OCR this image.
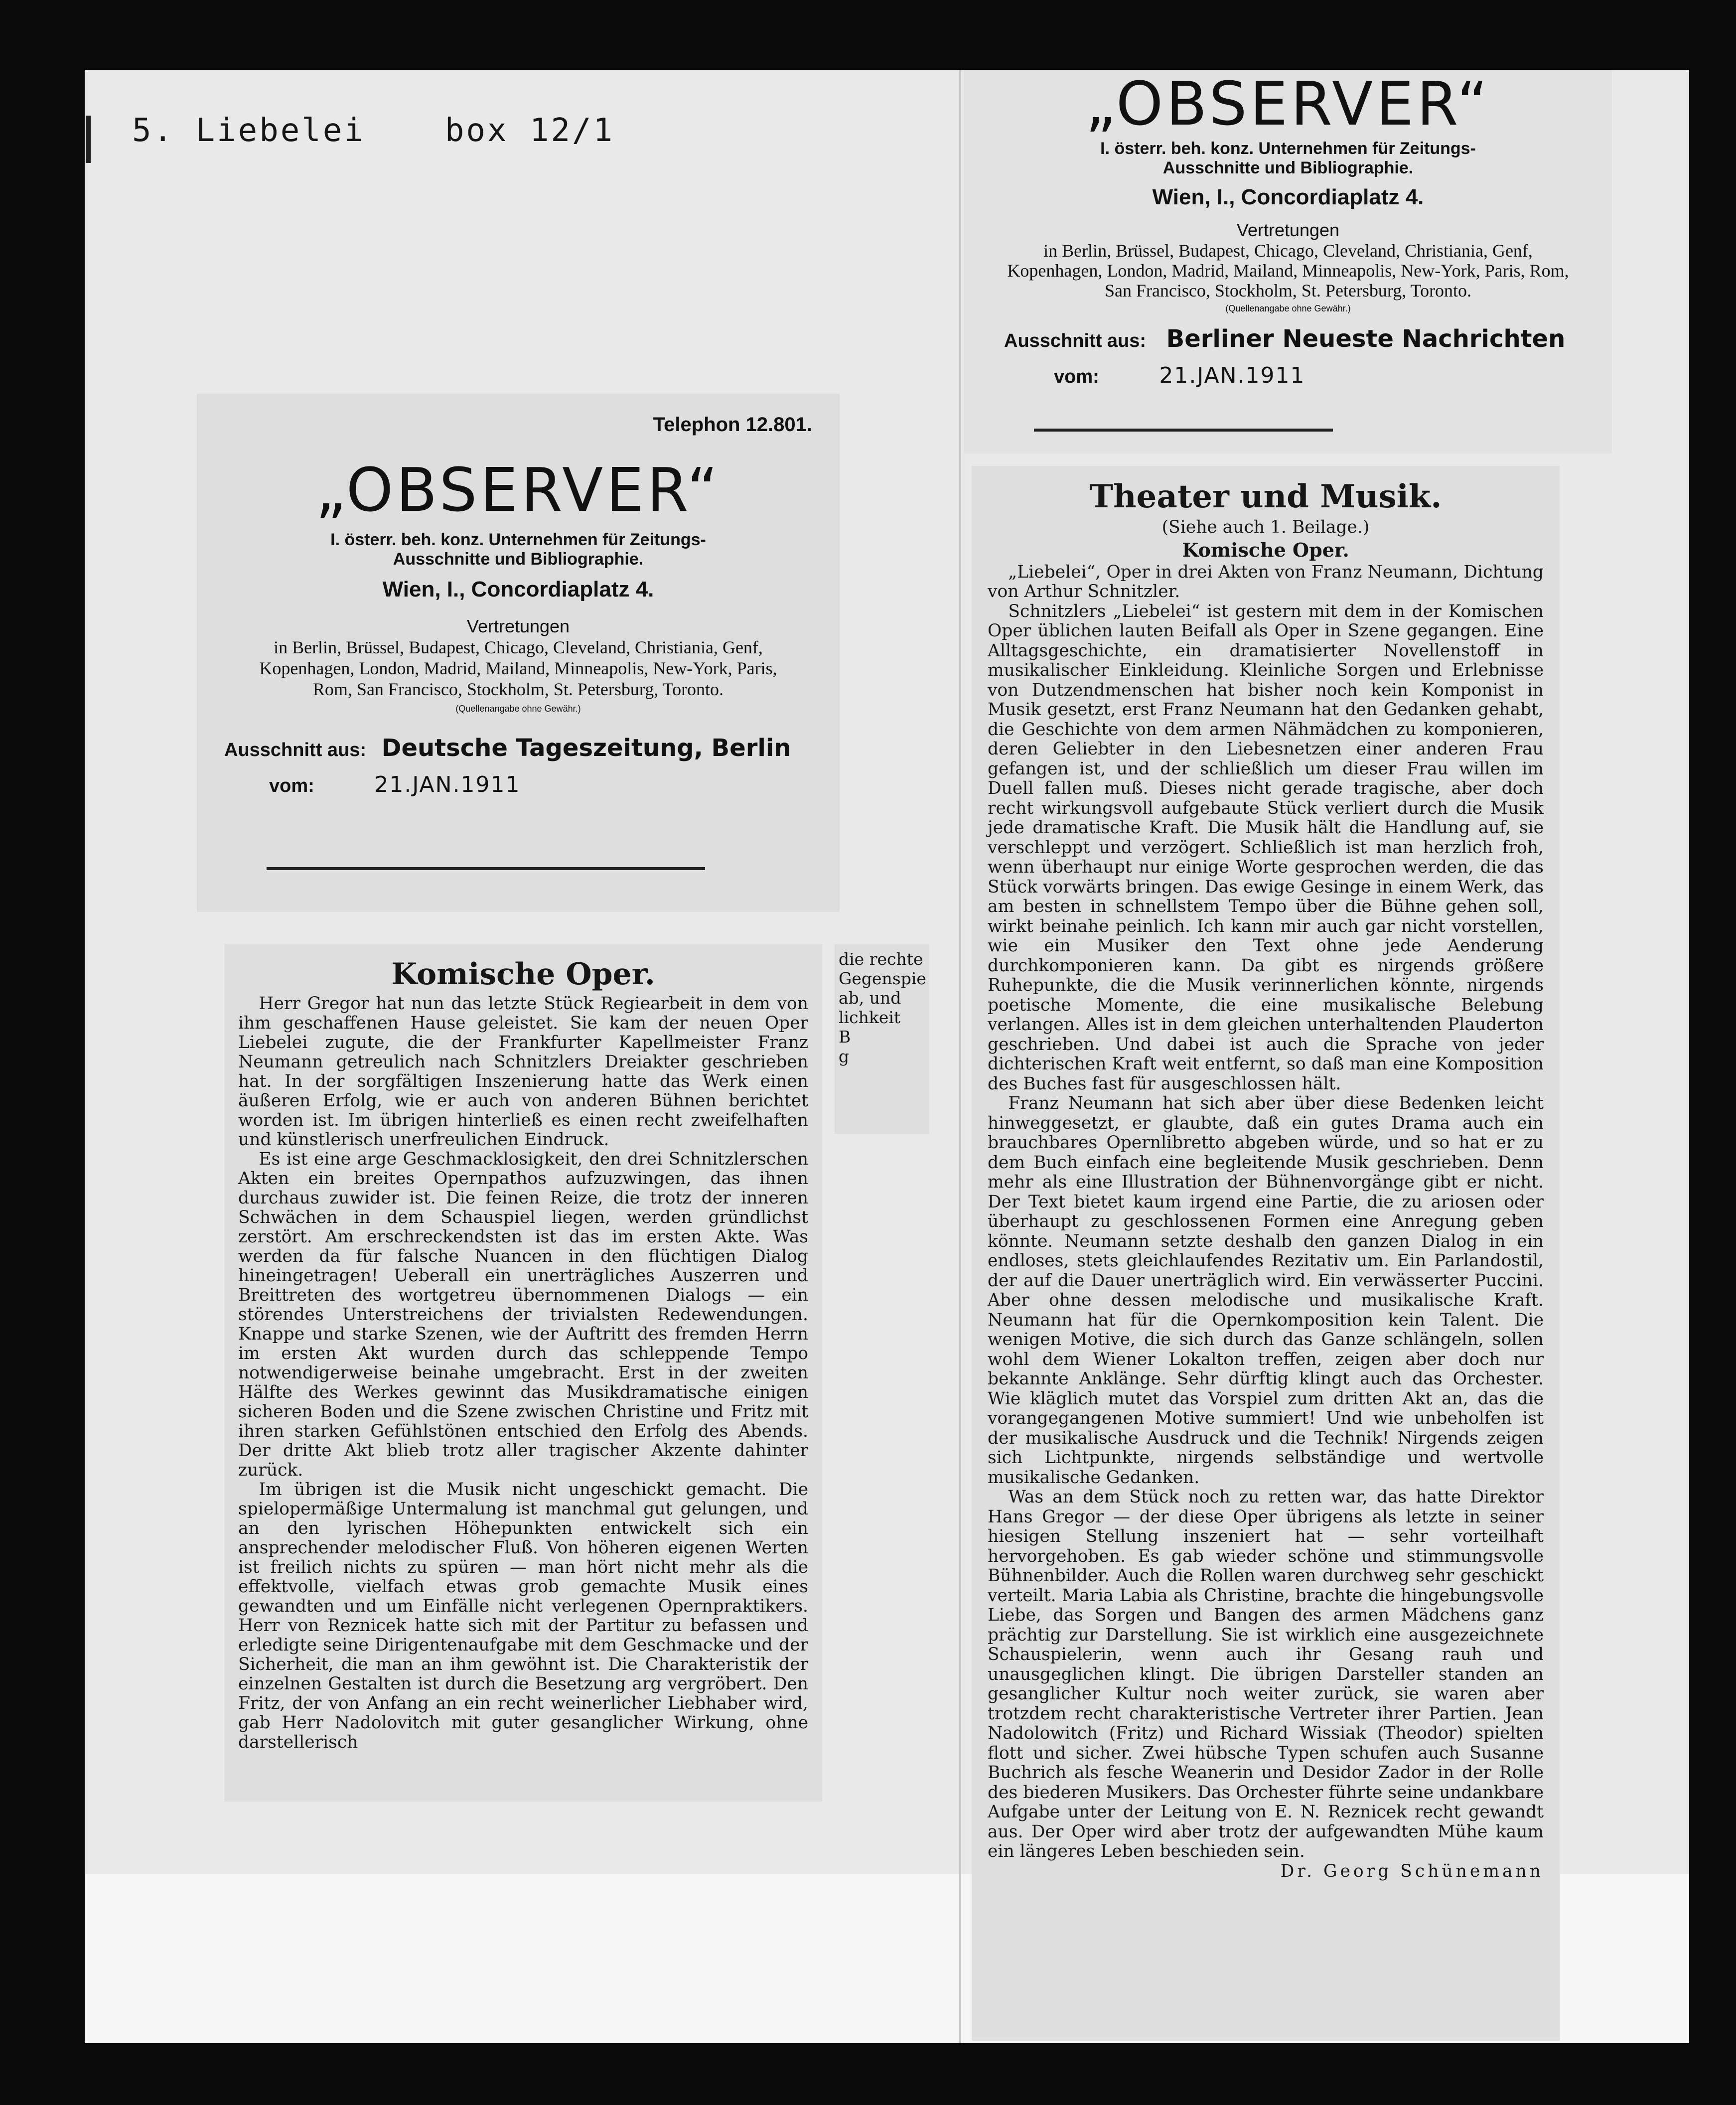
5. Liebelei	box 12/1
Telephon 12.801.
„OBSERVER“
I. österr. beh. konz. Unternehmen für Zeitungs-
Ausschnitte und Bibliographie.
Wien, I., Concordiaplatz 4.
Vertretungen
in Berlin, Brüssel, Budapest, Chicago, Cleveland, Christiania, Genf, Kopenhagen, London, Madrid, Mailand, Minneapolis, New-York, Paris, Rom, San Francisco, Stockholm, St. Petersburg, Toronto.
(Quellenangabe ohne Gewähr.)
Ausschnitt aus: Deutsche Tageszeitung, Berlin
vom:	21.JAN.1911
Komische Oper.

Herr Gregor hat nun das letzte Stück Regiearbeit in dem von ihm geschaffenen Hause geleistet. Sie kam der neuen Oper Liebelei zugute, die der Frankfurter Kapellmeister Franz Neumann getreulich nach Schnitzlers Dreiakter geschrieben hat. In der sorgfältigen Inszenierung hatte das Werk einen äußeren Erfolg, wie er auch von anderen Bühnen berichtet worden ist. Im übrigen hinterließ es einen recht zweifelhaften und künstlerisch unerfreulichen Eindruck.

Es ist eine arge Geschmacklosigkeit, den drei Schnitzlerschen Akten ein breites Opernpathos aufzuzwingen, das ihnen durchaus zuwider ist. Die feinen Reize, die trotz der inneren Schwächen in dem Schauspiel liegen, werden gründlichst zerstört. Am erschreckendsten ist das im ersten Akte. Was werden da für falsche Nuancen in den flüchtigen Dialog hineingetragen! Ueberall ein unerträgliches Auszerren und Breittreten des wortgetreu übernommenen Dialogs — ein störendes Unterstreichens der trivialsten Redewendungen. Knappe und starke Szenen, wie der Auftritt des fremden Herrn im ersten Akt wurden durch das schleppende Tempo notwendigerweise beinahe umgebracht. Erst in der zweiten Hälfte des Werkes gewinnt das Musikdramatische einigen sicheren Boden und die Szene zwischen Christine und Fritz mit ihren starken Gefühlstönen entschied den Erfolg des Abends. Der dritte Akt blieb trotz aller tragischer Akzente dahinter zurück.

Im übrigen ist die Musik nicht ungeschickt gemacht. Die spielopermäßige Untermalung ist manchmal gut gelungen, und an den lyrischen Höhepunkten entwickelt sich ein ansprechender melodischer Fluß. Von höheren eigenen Werten ist freilich nichts zu spüren — man hört nicht mehr als die effektvolle, vielfach etwas grob gemachte Musik eines gewandten und um Einfälle nicht verlegenen Opernpraktikers. Herr von Reznicek hatte sich mit der Partitur zu befassen und erledigte seine Dirigentenaufgabe mit dem Geschmacke und der Sicherheit, die man an ihm gewöhnt ist. Die Charakteristik der einzelnen Gestalten ist durch die Besetzung arg vergröbert. Den Fritz, der von Anfang an ein recht weinerlicher Liebhaber wird, gab Herr Nadolovitch mit guter gesanglicher Wirkung, ohne darstellerisch

die rechte
Gegenspie
ab, und
lichkeit
B
g
„OBSERVER“
I. österr. beh. konz. Unternehmen für Zeitungs-
Ausschnitte und Bibliographie.
Wien, I., Concordiaplatz 4.
Vertretungen
in Berlin, Brüssel, Budapest, Chicago, Cleveland, Christiania, Genf, Kopenhagen, London, Madrid, Mailand, Minneapolis, New-York, Paris, Rom, San Francisco, Stockholm, St. Petersburg, Toronto.
(Quellenangabe ohne Gewähr.)
Ausschnitt aus: Berliner Neueste Nachrichten
vom:	21.JAN.1911
Theater und Musik.

(Siehe auch 1. Beilage.)

Komische Oper.

„Liebelei“, Oper in drei Akten von Franz Neumann, Dichtung von Arthur Schnitzler.

Schnitzlers „Liebelei“ ist gestern mit dem in der Komischen Oper üblichen lauten Beifall als Oper in Szene gegangen. Eine Alltagsgeschichte, ein dramatisierter Novellenstoff in musikalischer Einkleidung. Kleinliche Sorgen und Erlebnisse von Dutzendmenschen hat bisher noch kein Komponist in Musik gesetzt, erst Franz Neumann hat den Gedanken gehabt, die Geschichte von dem armen Nähmädchen zu komponieren, deren Geliebter in den Liebesnetzen einer anderen Frau gefangen ist, und der schließlich um dieser Frau willen im Duell fallen muß. Dieses nicht gerade tragische, aber doch recht wirkungsvoll aufgebaute Stück verliert durch die Musik jede dramatische Kraft. Die Musik hält die Handlung auf, sie verschleppt und verzögert. Schließlich ist man herzlich froh, wenn überhaupt nur einige Worte gesprochen werden, die das Stück vorwärts bringen. Das ewige Gesinge in einem Werk, das am besten in schnellstem Tempo über die Bühne gehen soll, wirkt beinahe peinlich. Ich kann mir auch gar nicht vorstellen, wie ein Musiker den Text ohne jede Aenderung durchkomponieren kann. Da gibt es nirgends größere Ruhepunkte, die die Musik verinnerlichen könnte, nirgends poetische Momente, die eine musikalische Belebung verlangen. Alles ist in dem gleichen unterhaltenden Plauderton geschrieben. Und dabei ist auch die Sprache von jeder dichterischen Kraft weit entfernt, so daß man eine Komposition des Buches fast für ausgeschlossen hält.

Franz Neumann hat sich aber über diese Bedenken leicht hinweggesetzt, er glaubte, daß ein gutes Drama auch ein brauchbares Opernlibretto abgeben würde, und so hat er zu dem Buch einfach eine begleitende Musik geschrieben. Denn mehr als eine Illustration der Bühnenvorgänge gibt er nicht. Der Text bietet kaum irgend eine Partie, die zu ariosen oder überhaupt zu geschlossenen Formen eine Anregung geben könnte. Neumann setzte deshalb den ganzen Dialog in ein endloses, stets gleichlaufendes Rezitativ um. Ein Parlandostil, der auf die Dauer unerträglich wird. Ein verwässerter Puccini. Aber ohne dessen melodische und musikalische Kraft. Neumann hat für die Opernkomposition kein Talent. Die wenigen Motive, die sich durch das Ganze schlängeln, sollen wohl dem Wiener Lokalton treffen, zeigen aber doch nur bekannte Anklänge. Sehr dürftig klingt auch das Orchester. Wie kläglich mutet das Vorspiel zum dritten Akt an, das die vorangegangenen Motive summiert! Und wie unbeholfen ist der musikalische Ausdruck und die Technik! Nirgends zeigen sich Lichtpunkte, nirgends selbständige und wertvolle musikalische Gedanken.

Was an dem Stück noch zu retten war, das hatte Direktor Hans Gregor — der diese Oper übrigens als letzte in seiner hiesigen Stellung inszeniert hat — sehr vorteilhaft hervorgehoben. Es gab wieder schöne und stimmungsvolle Bühnenbilder. Auch die Rollen waren durchweg sehr geschickt verteilt. Maria Labia als Christine, brachte die hingebungsvolle Liebe, das Sorgen und Bangen des armen Mädchens ganz prächtig zur Darstellung. Sie ist wirklich eine ausgezeichnete Schauspielerin, wenn auch ihr Gesang rauh und unausgeglichen klingt. Die übrigen Darsteller standen an gesanglicher Kultur noch weiter zurück, sie waren aber trotzdem recht charakteristische Vertreter ihrer Partien. Jean Nadolowitch (Fritz) und Richard Wissiak (Theodor) spielten flott und sicher. Zwei hübsche Typen schufen auch Susanne Buchrich als fesche Weanerin und Desidor Zador in der Rolle des biederen Musikers. Das Orchester führte seine undankbare Aufgabe unter der Leitung von E. N. Reznicek recht gewandt aus. Der Oper wird aber trotz der aufgewandten Mühe kaum ein längeres Leben beschieden sein.

Dr. Georg Schünemann
